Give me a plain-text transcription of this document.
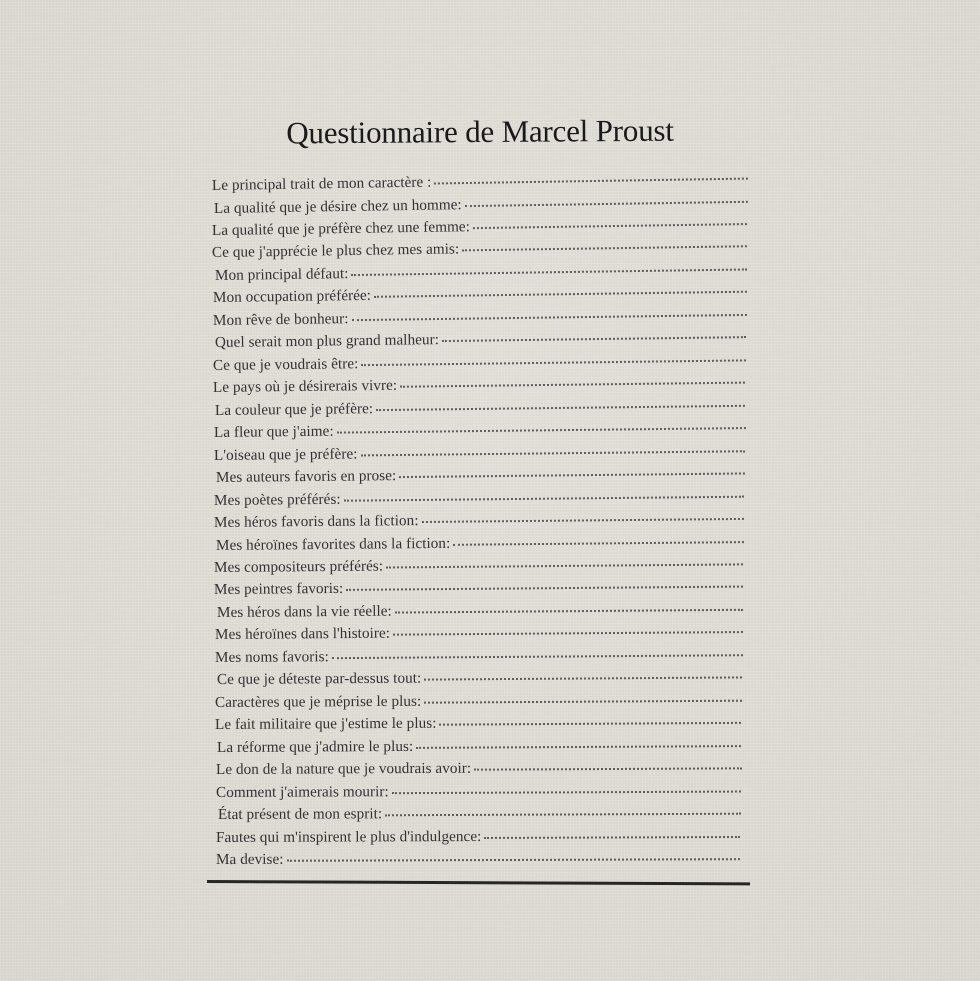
Questionnaire de Marcel Proust
Le principal trait de mon caractère :
La qualité que je désire chez un homme:
La qualité que je préfère chez une femme:
Ce que j'apprécie le plus chez mes amis:
Mon principal défaut:
Mon occupation préférée:
Mon rêve de bonheur:
Quel serait mon plus grand malheur:
Ce que je voudrais être:
Le pays où je désirerais vivre:
La couleur que je préfère:
La fleur que j'aime:
L'oiseau que je préfère:
Mes auteurs favoris en prose:
Mes poètes préférés:
Mes héros favoris dans la fiction:
Mes héroïnes favorites dans la fiction:
Mes compositeurs préférés:
Mes peintres favoris:
Mes héros dans la vie réelle:
Mes héroïnes dans l'histoire:
Mes noms favoris:
Ce que je déteste par-dessus tout:
Caractères que je méprise le plus:
Le fait militaire que j'estime le plus:
La réforme que j'admire le plus:
Le don de la nature que je voudrais avoir:
Comment j'aimerais mourir:
État présent de mon esprit:
Fautes qui m'inspirent le plus d'indulgence:
Ma devise:
